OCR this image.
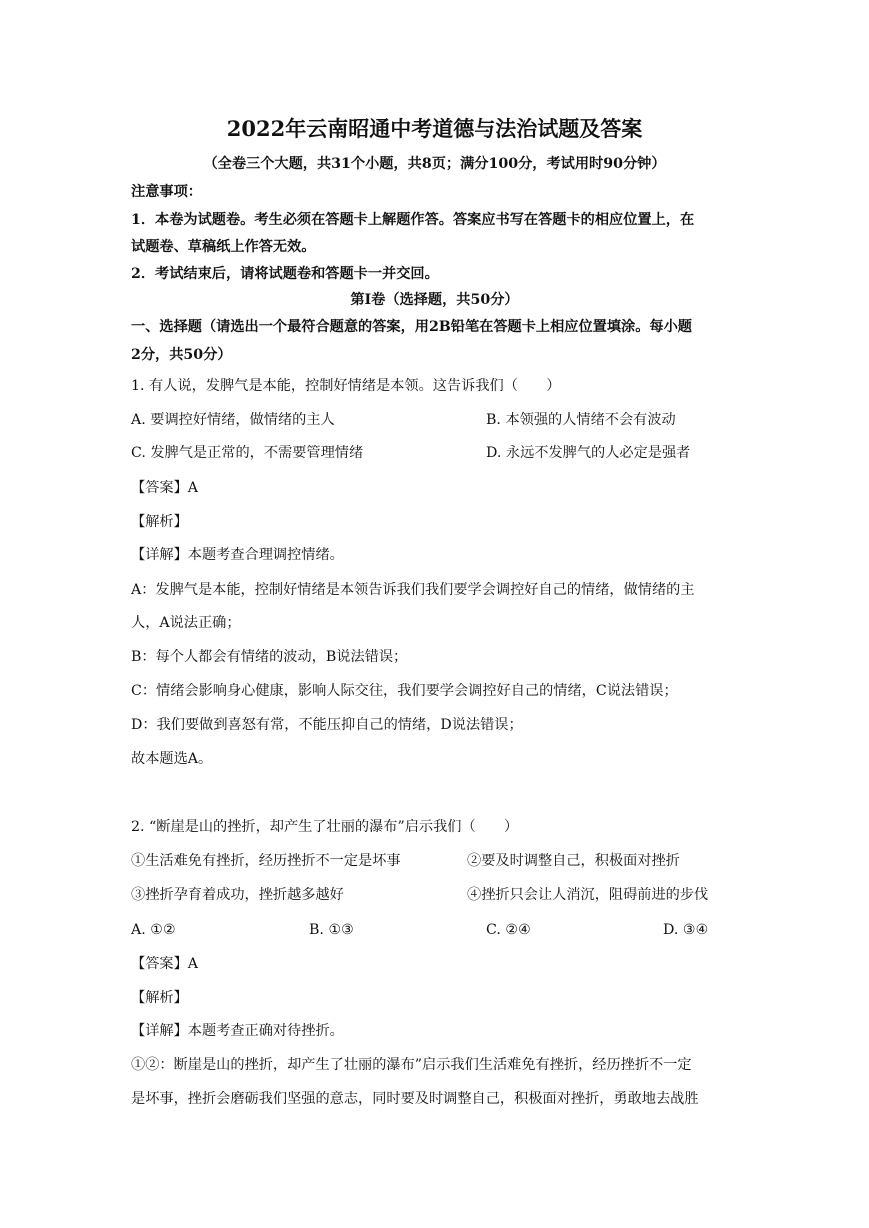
2022年云南昭通中考道德与法治试题及答案
（全卷三个大题，共31个小题，共8页；满分100分，考试用时90分钟）
注意事项：
1．本卷为试题卷。考生必须在答题卡上解题作答。答案应书写在答题卡的相应位置上，在
试题卷、草稿纸上作答无效。
2．考试结束后，请将试题卷和答题卡一并交回。
第Ⅰ卷（选择题，共50分）
一、选择题（请选出一个最符合题意的答案，用2B铅笔在答题卡上相应位置填涂。每小题
2分，共50分）
1. 有人说，发脾气是本能，控制好情绪是本领。这告诉我们（　　）
A. 要调控好情绪，做情绪的主人	B. 本领强的人情绪不会有波动
C. 发脾气是正常的，不需要管理情绪	D. 永远不发脾气的人必定是强者
【答案】A
【解析】
【详解】本题考查合理调控情绪。
A：发脾气是本能，控制好情绪是本领告诉我们我们要学会调控好自己的情绪，做情绪的主
人，A说法正确；
B：每个人都会有情绪的波动，B说法错误；
C：情绪会影响身心健康，影响人际交往，我们要学会调控好自己的情绪，C说法错误；
D：我们要做到喜怒有常，不能压抑自己的情绪，D说法错误；
故本题选A。
2. “断崖是山的挫折，却产生了壮丽的瀑布”启示我们（　　）
①生活难免有挫折，经历挫折不一定是坏事	②要及时调整自己，积极面对挫折
③挫折孕育着成功，挫折越多越好	④挫折只会让人消沉，阻碍前进的步伐
A. ①②	B. ①③	C. ②④	D. ③④
【答案】A
【解析】
【详解】本题考查正确对待挫折。
①②：断崖是山的挫折，却产生了壮丽的瀑布”启示我们生活难免有挫折，经历挫折不一定
是坏事，挫折会磨砺我们坚强的意志，同时要及时调整自己，积极面对挫折，勇敢地去战胜
